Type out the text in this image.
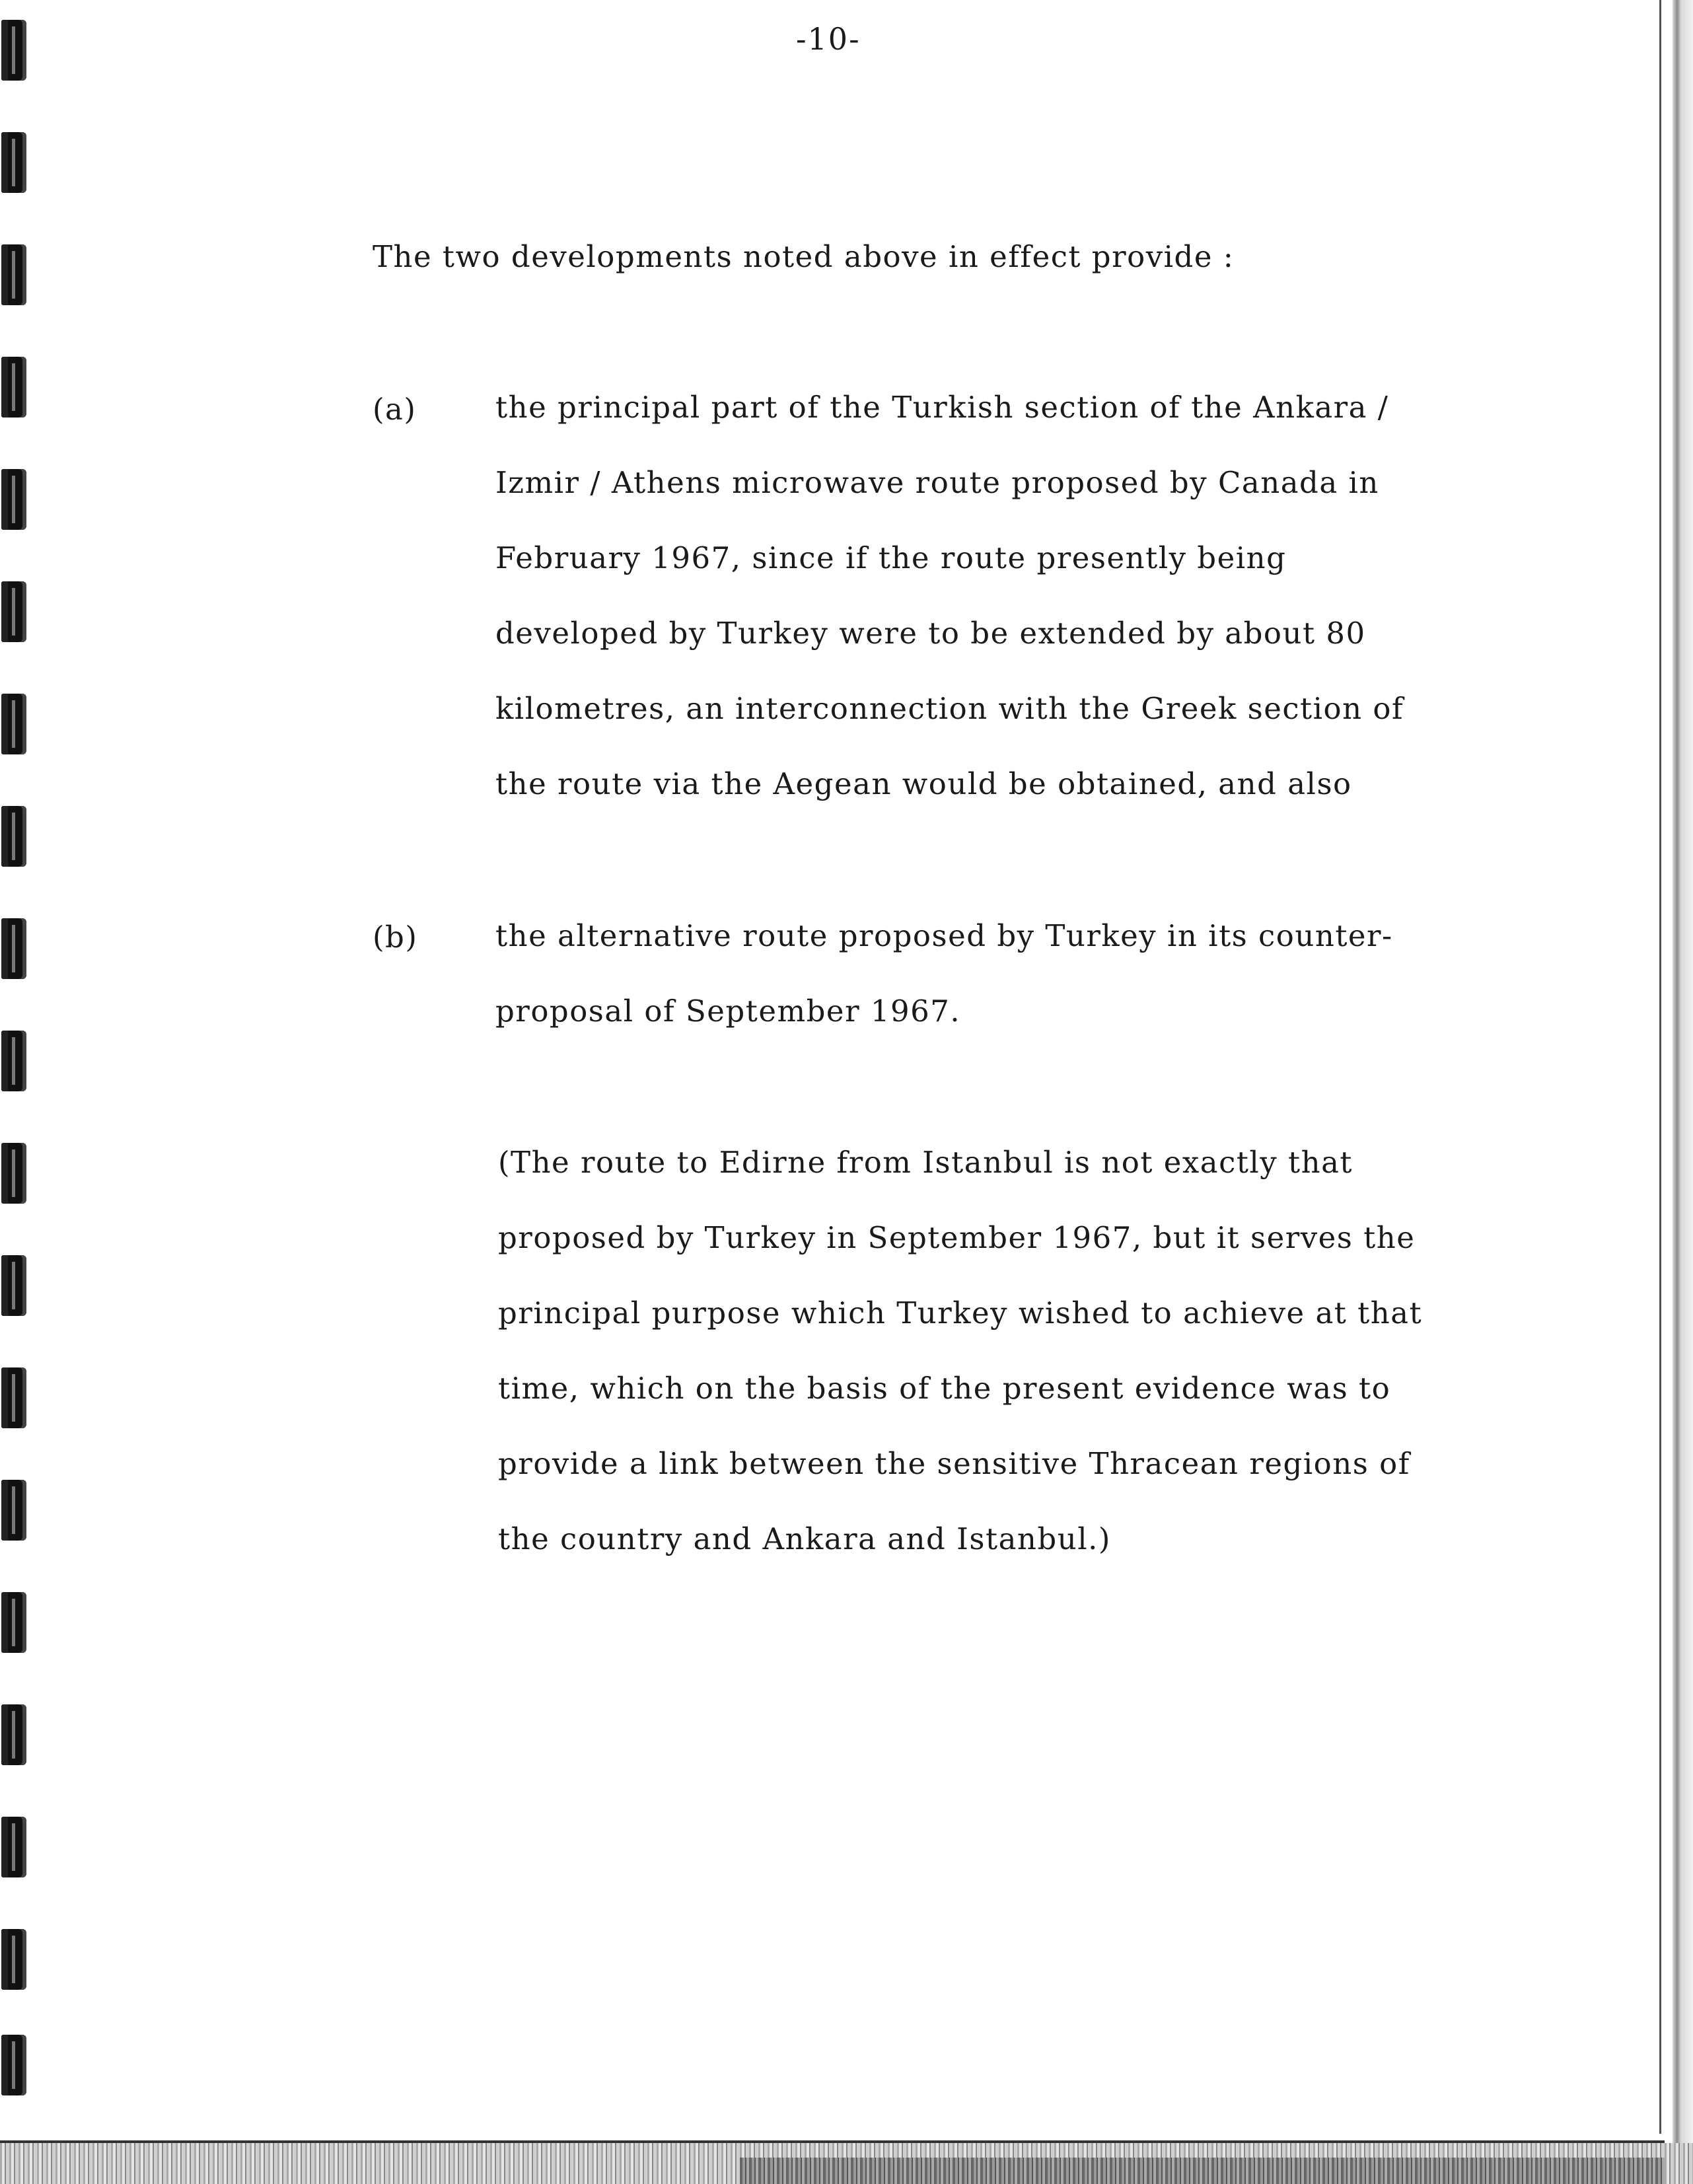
-10-
The two developments noted above in effect provide :
(a)	the principal part of the Turkish section of the Ankara /
Izmir / Athens microwave route proposed by Canada in
February 1967, since if the route presently being
developed by Turkey were to be extended by about 80
kilometres, an interconnection with the Greek section of
the route via the Aegean would be obtained, and also
(b)	the alternative route proposed by Turkey in its counter-
proposal of September 1967.
(The route to Edirne from Istanbul is not exactly that
proposed by Turkey in September 1967, but it serves the
principal purpose which Turkey wished to achieve at that
time, which on the basis of the present evidence was to
provide a link between the sensitive Thracean regions of
the country and Ankara and Istanbul.)
